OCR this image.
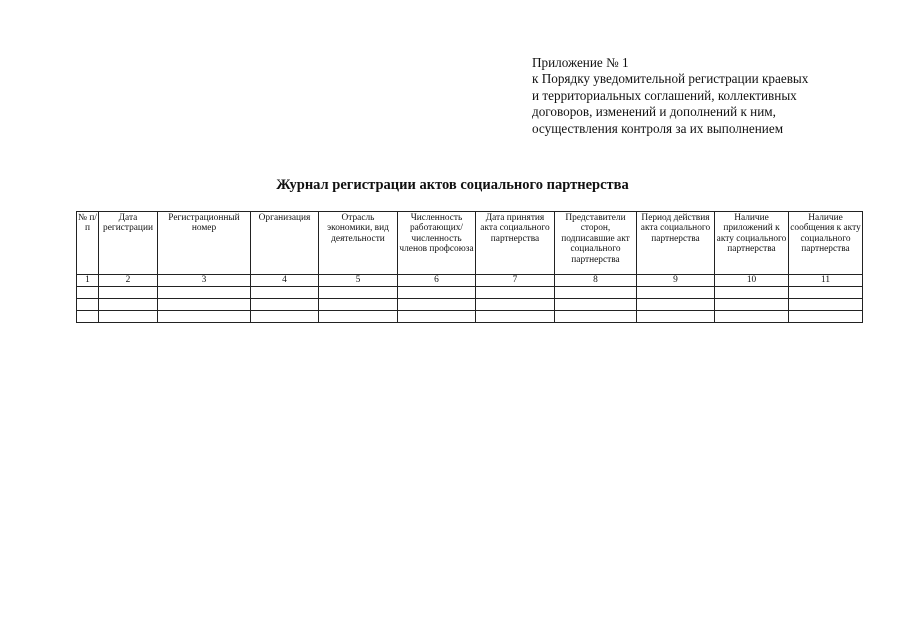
Приложение № 1
к Порядку уведомительной регистрации краевых
и территориальных соглашений, коллективных
договоров, изменений и дополнений к ним,
осуществления контроля за их выполнением
Журнал регистрации актов социального партнерства
№ п/п	Дата регистрации	Регистрационный номер	Организация	Отрасль экономики, вид деятельности	Численность работающих/ численность членов профсоюза	Дата принятия акта социального партнерства	Представители сторон, подписавшие акт социального партнерства	Период действия акта социального партнерства	Наличие приложений к акту социального партнерства	Наличие сообщения к акту социального партнерства
1	2	3	4	5	6	7	8	9	10	11
